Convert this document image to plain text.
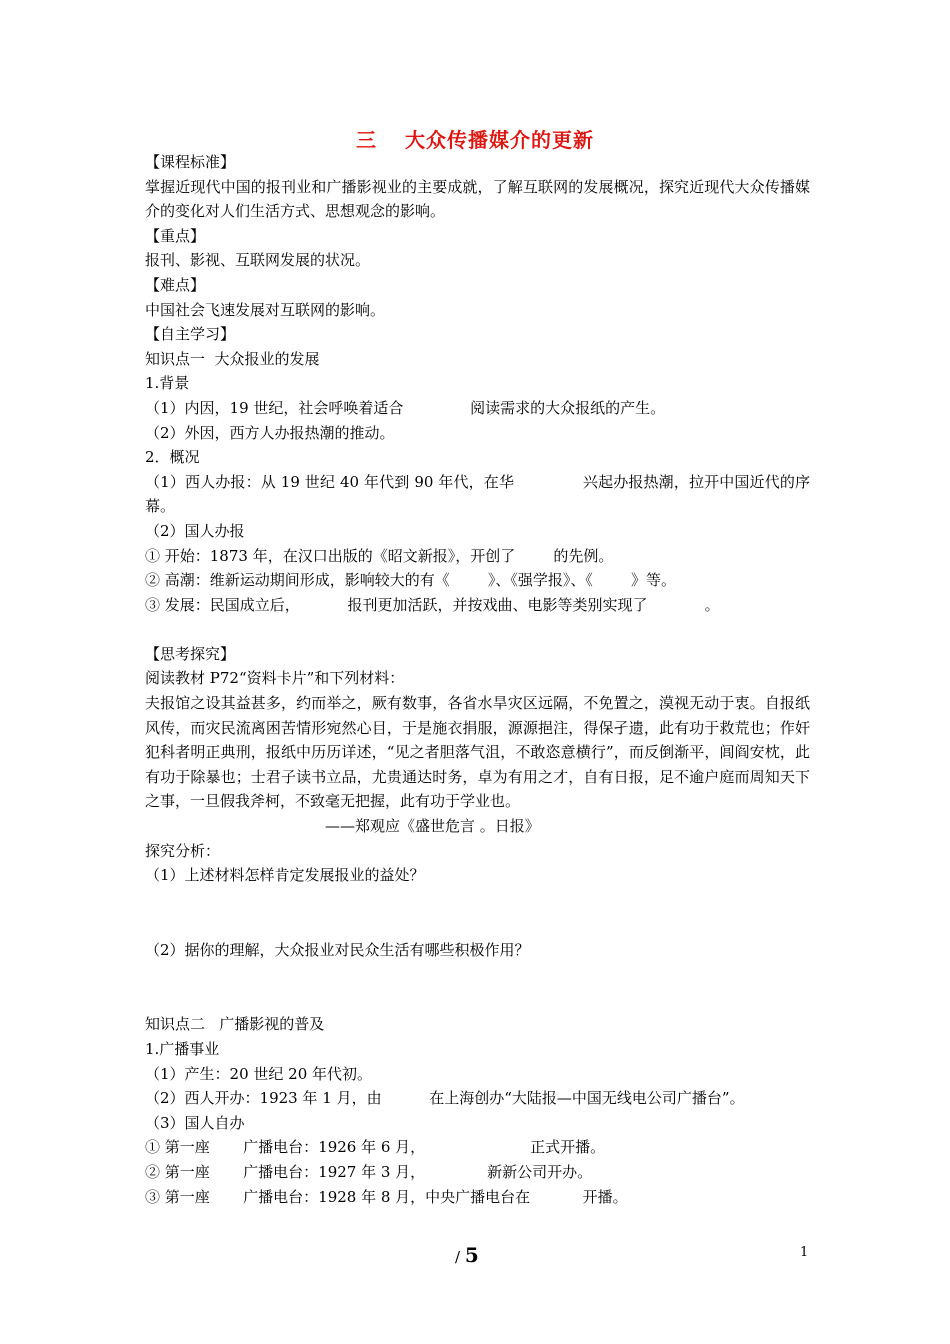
三 大众传播媒介的更新
【课程标准】
掌握近现代中国的报刊业和广播影视业的主要成就，了解互联网的发展概况，探究近现代大众传播媒介的变化对人们生活方式、思想观念的影响。
【重点】
报刊、影视、互联网发展的状况。
【难点】
中国社会飞速发展对互联网的影响。
【自主学习】
知识点一  大众报业的发展
1.背景
（1）内因，19 世纪，社会呼唤着适合              阅读需求的大众报纸的产生。
（2）外因，西方人办报热潮的推动。
2．概况
（1）西人办报：从 19 世纪 40 年代到 90 年代，在华              兴起办报热潮，拉开中国近代的序幕。
（2）国人办报
① 开始：1873 年，在汉口出版的《昭文新报》，开创了        的先例。
② 高潮：维新运动期间形成，影响较大的有《        》、《强学报》、《        》等。
③ 发展：民国成立后，          报刊更加活跃，并按戏曲、电影等类别实现了            。
【思考探究】
阅读教材 P72“资料卡片”和下列材料：
夫报馆之设其益甚多，约而举之，厥有数事，各省水旱灾区远隔，不免置之，漠视无动于衷。自报纸风传，而灾民流离困苦情形宛然心目，于是施衣捐服，源源挹注，得保孑遗，此有功于救荒也；作奸犯科者明正典刑，报纸中历历详述，“见之者胆落气沮，不敢恣意横行”，而反倒渐平，闾阎安枕，此有功于除暴也；士君子读书立品，尤贵通达时务，卓为有用之才，自有日报，足不逾户庭而周知天下之事，一旦假我斧柯，不致毫无把握，此有功于学业也。
——郑观应《盛世危言 。日报》
探究分析：
（1）上述材料怎样肯定发展报业的益处？
（2）据你的理解，大众报业对民众生活有哪些积极作用？
知识点二   广播影视的普及
1.广播事业
（1）产生：20 世纪 20 年代初。
（2）西人开办：1923 年 1 月，由          在上海创办“大陆报—中国无线电公司广播台”。
（3）国人自办
① 第一座       广播电台：1926 年 6 月，                      正式开播。
② 第一座       广播电台：1927 年 3 月，             新新公司开办。
③ 第一座       广播电台：1928 年 8 月，中央广播电台在           开播。
/ 5	1
